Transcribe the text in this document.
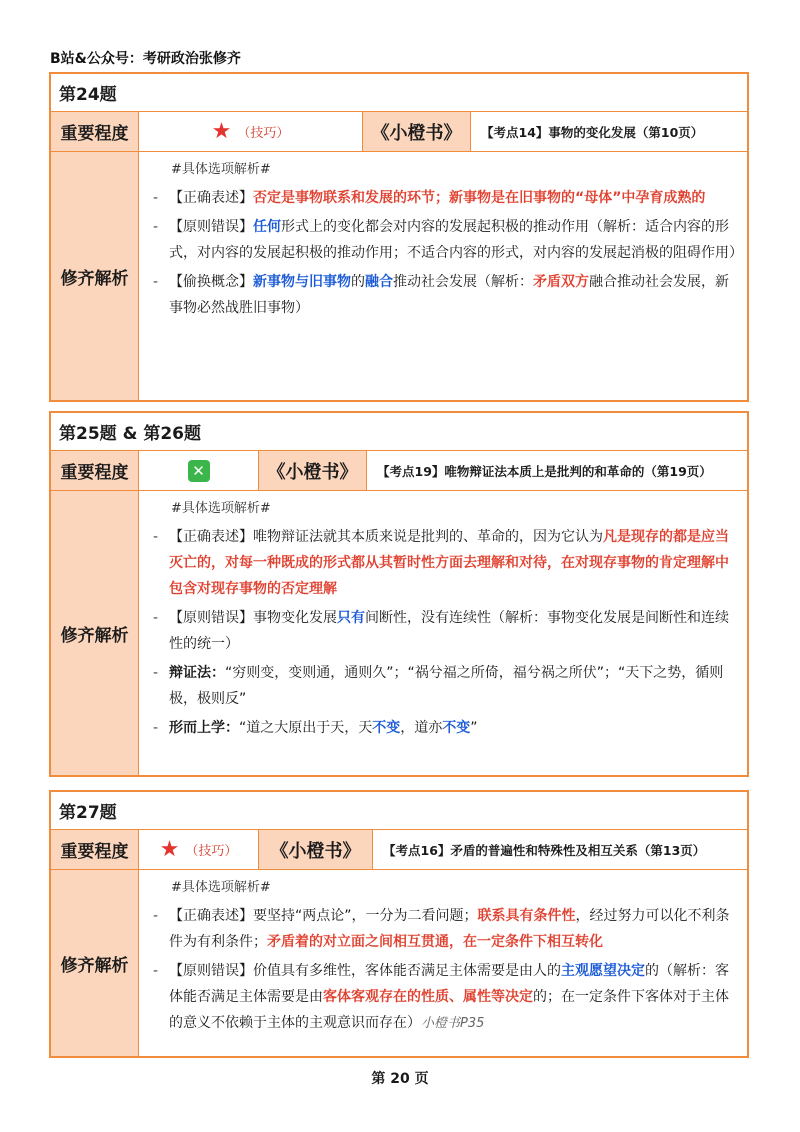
B站&公众号：考研政治张修齐
第24题
重要程度	★ （技巧）	《小橙书》	【考点14】事物的变化发展（第10页）
修齐解析
#具体选项解析#
- 【正确表述】否定是事物联系和发展的环节；新事物是在旧事物的“母体”中孕育成熟的
- 【原则错误】任何形式上的变化都会对内容的发展起积极的推动作用（解析：适合内容的形式，对内容的发展起积极的推动作用；不适合内容的形式，对内容的发展起消极的阻碍作用）
- 【偷换概念】新事物与旧事物的融合推动社会发展（解析：矛盾双方融合推动社会发展，新事物必然战胜旧事物）
第25题 & 第26题
重要程度	✕	《小橙书》	【考点19】唯物辩证法本质上是批判的和革命的（第19页）
修齐解析
#具体选项解析#
- 【正确表述】唯物辩证法就其本质来说是批判的、革命的，因为它认为凡是现存的都是应当灭亡的，对每一种既成的形式都从其暂时性方面去理解和对待，在对现存事物的肯定理解中包含对现存事物的否定理解
- 【原则错误】事物变化发展只有间断性，没有连续性（解析：事物变化发展是间断性和连续性的统一）
- 辩证法：“穷则变，变则通，通则久”；“祸兮福之所倚，福兮祸之所伏”；“天下之势，循则极，极则反”
- 形而上学：“道之大原出于天，天不变，道亦不变”
第27题
重要程度	★ （技巧）	《小橙书》	【考点16】矛盾的普遍性和特殊性及相互关系（第13页）
修齐解析
#具体选项解析#
- 【正确表述】要坚持“两点论”，一分为二看问题；联系具有条件性，经过努力可以化不利条件为有利条件；矛盾着的对立面之间相互贯通，在一定条件下相互转化
- 【原则错误】价值具有多维性，客体能否满足主体需要是由人的主观愿望决定的（解析：客体能否满足主体需要是由客体客观存在的性质、属性等决定的；在一定条件下客体对于主体的意义不依赖于主体的主观意识而存在）小橙书P35
第 20 页
